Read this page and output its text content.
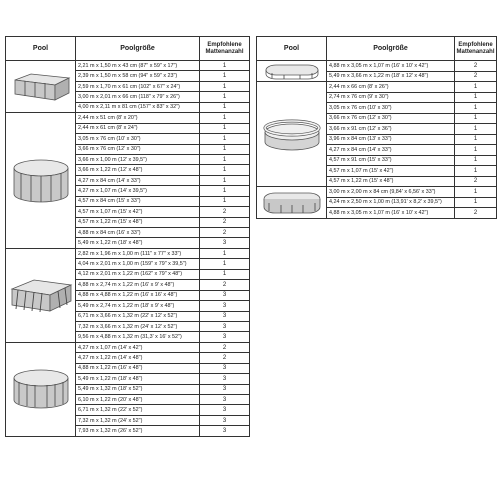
Pool	Poolgröße	Empfohlene Mattenanzahl

	2,21 m x 1,50 m x 43 cm (87" x 59" x 17")	1
	2,39 m x 1,50 m x 58 cm (94" x 59" x 23")	1
	2,59 m x 1,70 m x 61 cm (102" x 67" x 24")	1
	3,00 m x 2,01 m x 66 cm (118" x 79" x 26")	1
	4,00 m x 2,11 m x 81 cm (157" x 83" x 32")	1

	2,44 m x 51 cm (8' x 20")	1
	2,44 m x 61 cm (8' x 24")	1
	3,05 m x 76 cm (10' x 30")	1
	3,66 m x 76 cm (12' x 30")	1
	3,66 m x 1,00 m (12' x 39,5")	1
	3,66 m x 1,22 m (12' x 48")	1
	4,27 m x 84 cm (14' x 33")	1
	4,27 m x 1,07 m (14' x 39,5")	1
	4,57 m x 84 cm (15' x 33")	1
	4,57 m x 1,07 m (15' x 42")	2
	4,57 m x 1,22 m (15' x 48")	2
	4,88 m x 84 cm (16' x 33")	2
	5,49 m x 1,22 m (18' x 48")	3

	2,82 m x 1,96 m x 1,00 m (111" x 77" x 33")	1
	4,04 m x 2,01 m x 1,00 m (159" x 79" x 39,5")	1
	4,12 m x 2,01 m x 1,22 m (162" x 79" x 48")	1
	4,88 m x 2,74 m x 1,22 m (16' x 9' x 48")	2
	4,88 m x 4,88 m x 1,22 m (16' x 16' x 48")	3
	5,49 m x 2,74 m x 1,22 m (18' x 9' x 48")	3
	6,71 m x 3,66 m x 1,32 m (22' x 12' x 52")	3
	7,32 m x 3,66 m x 1,32 m (24' x 12' x 52")	3
	9,56 m x 4,88 m x 1,32 m (31,3' x 16' x 52")	3

	4,27 m x 1,07 m (14' x 42")	2
	4,27 m x 1,22 m (14' x 48")	2
	4,88 m x 1,22 m (16' x 48")	3
	5,49 m x 1,22 m (18' x 48")	3
	5,49 m x 1,32 m (18' x 52")	3
	6,10 m x 1,22 m (20' x 48")	3
	6,71 m x 1,32 m (22' x 52")	3
	7,32 m x 1,32 m (24' x 52")	3
	7,93 m x 1,32 m (26' x 52")	3
Pool	Poolgröße	Empfohlene Mattenanzahl

	4,88 m x 3,05 m x 1,07 m (16' x 10' x 42")	2
	5,49 m x 3,66 m x 1,22 m (18' x 12' x 48")	2

	2,44 m x 66 cm (8' x 26")	1
	2,74 m x 76 cm (9' x 30")	1
	3,05 m x 76 cm (10' x 30")	1
	3,66 m x 76 cm (12' x 30")	1
	3,66 m x 91 cm (12' x 36")	1
	3,96 m x 84 cm (13' x 33")	1
	4,27 m x 84 cm (14' x 33")	1
	4,57 m x 91 cm (15' x 33")	1
	4,57 m x 1,07 m (15' x 42")	1
	4,57 m x 1,22 m (15' x 48")	2

	3,00 m x 2,00 m x 84 cm (9,84' x 6,56' x 33")	1
	4,24 m x 2,50 m x 1,00 m (13,91' x 8,2' x 39,5")	1
	4,88 m x 3,05 m x 1,07 m (16' x 10' x 42")	2
